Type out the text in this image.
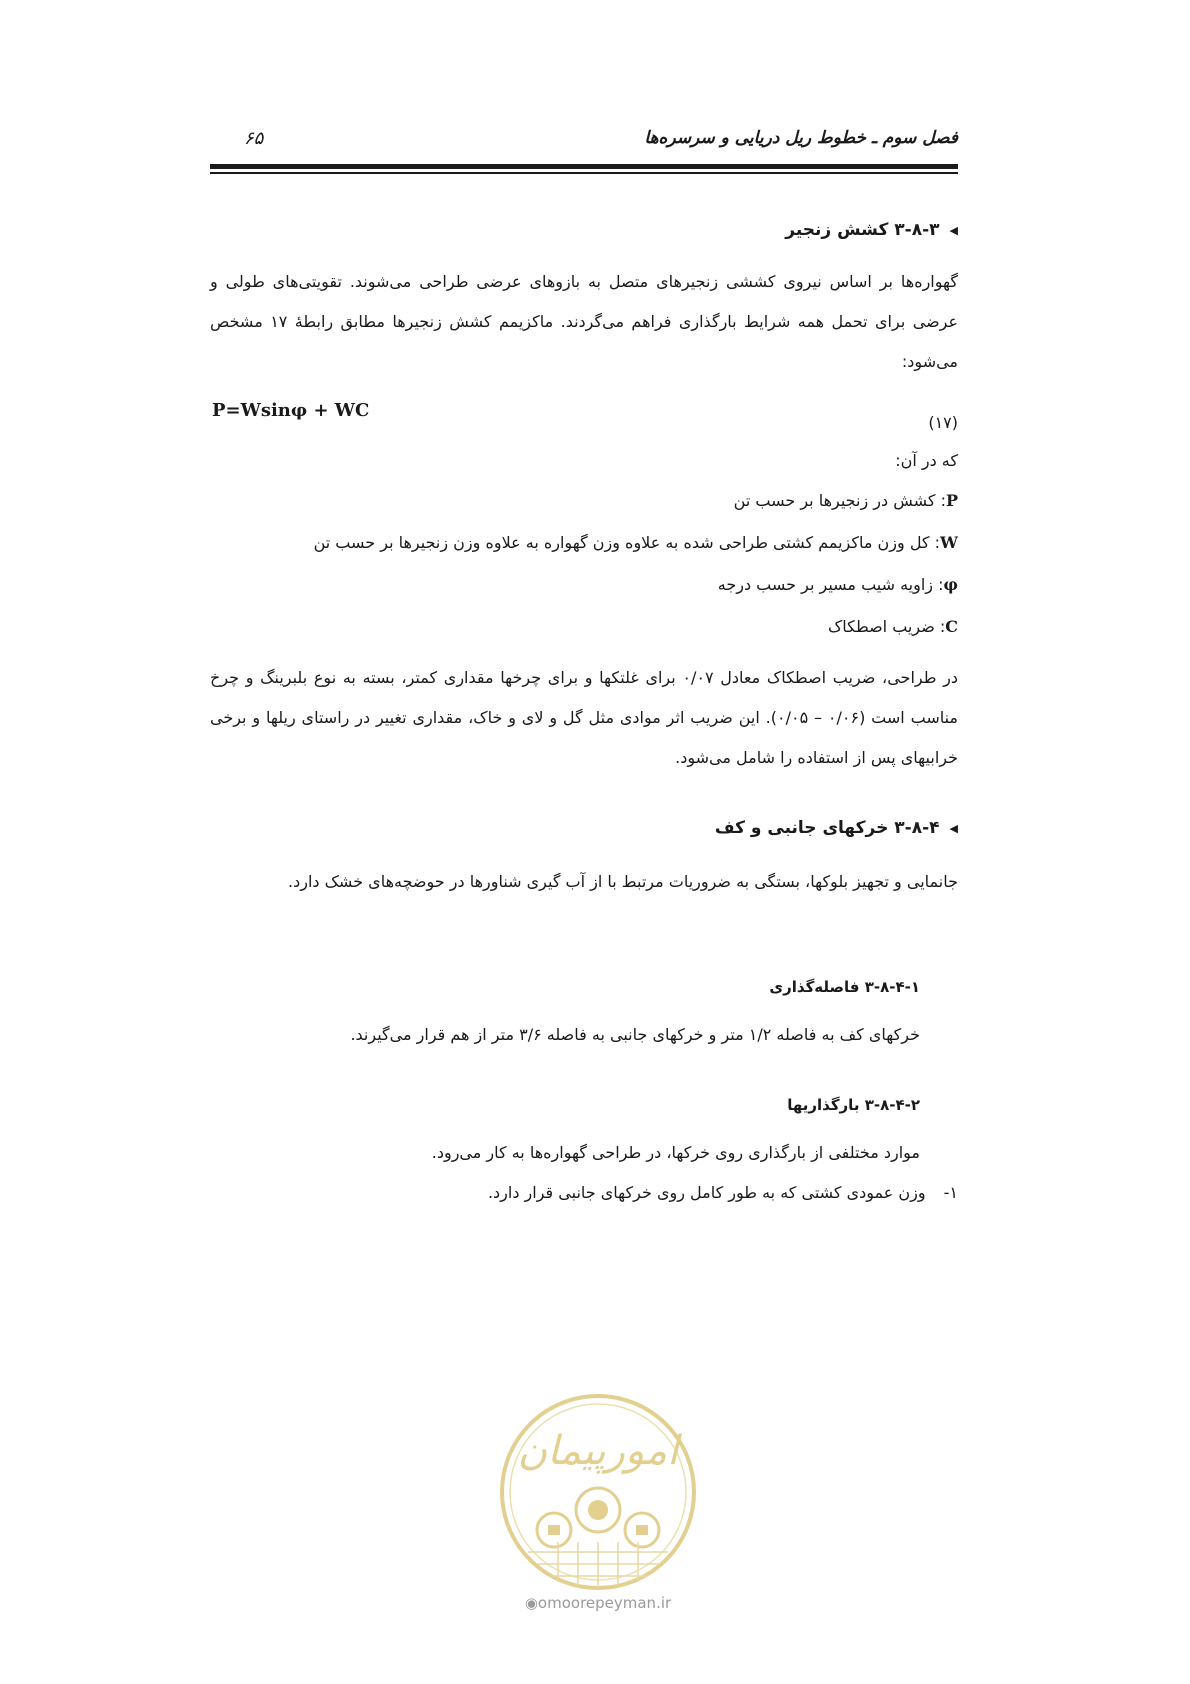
فصل سوم ـ خطوط ریل دریایی و سرسره‌ها
۶۵
◀۳-۸-۳ کشش زنجیر
گهواره‌ها بر اساس نیروی کششی زنجیرهای متصل به بازوهای عرضی طراحی می‌شوند. تقویتی‌های طولی و عرضی برای تحمل همه شرایط بارگذاری فراهم می‌گردند. ماکزیمم کشش زنجیرها مطابق رابطهٔ ۱۷ مشخص می‌شود:
P=Wsinφ + WC
(۱۷)
که در آن:
P: کشش در زنجیرها بر حسب تن
W: کل وزن ماکزیمم کشتی طراحی شده به علاوه وزن گهواره به علاوه وزن زنجیرها بر حسب تن
φ: زاویه شیب مسیر بر حسب درجه
C: ضریب اصطکاک
در طراحی، ضریب اصطکاک معادل ۰/۰۷ برای غلتکها و برای چرخها مقداری کمتر، بسته به نوع بلبرینگ و چرخ مناسب است (۰/۰۶ – ۰/۰۵). این ضریب اثر موادی مثل گل و لای و خاک، مقداری تغییر در راستای ریلها و برخی خرابیهای پس از استفاده را شامل می‌شود.
◀۳-۸-۴ خرکهای جانبی و کف
جانمایی و تجهیز بلوکها، بستگی به ضروریات مرتبط با از آب گیری شناورها در حوضچه‌های خشک دارد.
۳-۸-۴-۱ فاصله‌گذاری
خرکهای کف به فاصله ۱/۲ متر و خرکهای جانبی به فاصله ۳/۶ متر از هم قرار می‌گیرند.
۳-۸-۴-۲ بارگذاریها
موارد مختلفی از بارگذاری روی خرکها، در طراحی گهواره‌ها به کار می‌رود.
۱-وزن عمودی کشتی که به طور کامل روی خرکهای جانبی قرار دارد.
امورپیمان
◉omoorepeyman.ir
